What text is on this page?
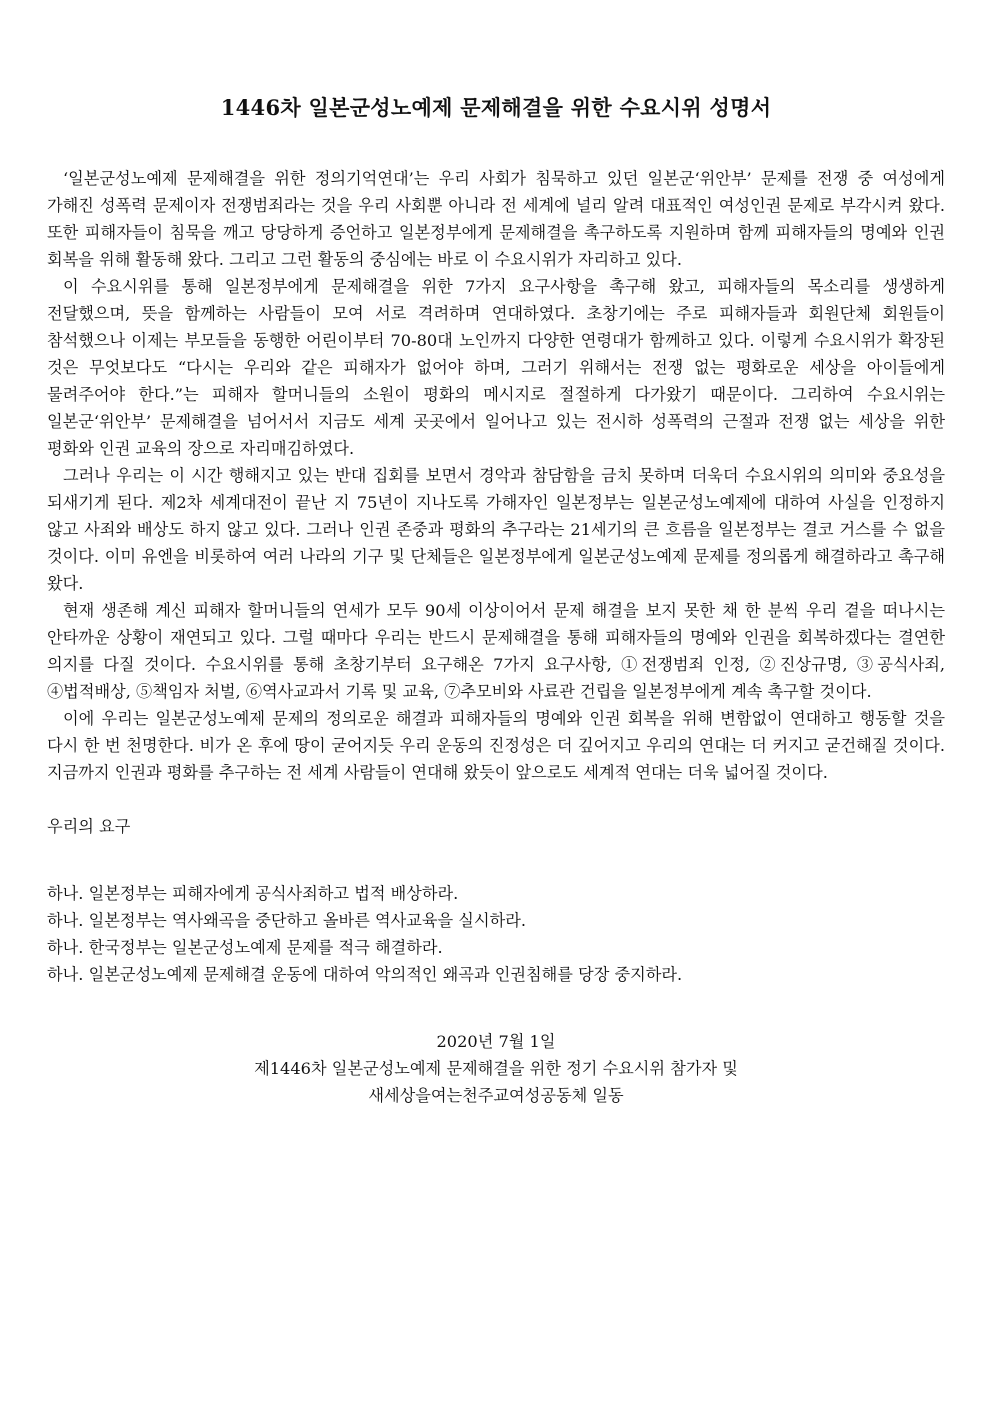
1446차 일본군성노예제 문제해결을 위한 수요시위 성명서

‘일본군성노예제 문제해결을 위한 정의기억연대’는 우리 사회가 침묵하고 있던 일본군‘위안부’ 문제를 전쟁 중 여성에게 가해진 성폭력 문제이자 전쟁범죄라는 것을 우리 사회뿐 아니라 전 세계에 널리 알려 대표적인 여성인권 문제로 부각시켜 왔다. 또한 피해자들이 침묵을 깨고 당당하게 증언하고 일본정부에게 문제해결을 촉구하도록 지원하며 함께 피해자들의 명예와 인권 회복을 위해 활동해 왔다. 그리고 그런 활동의 중심에는 바로 이 수요시위가 자리하고 있다.

이 수요시위를 통해 일본정부에게 문제해결을 위한 7가지 요구사항을 촉구해 왔고, 피해자들의 목소리를 생생하게 전달했으며, 뜻을 함께하는 사람들이 모여 서로 격려하며 연대하였다. 초창기에는 주로 피해자들과 회원단체 회원들이 참석했으나 이제는 부모들을 동행한 어린이부터 70-80대 노인까지 다양한 연령대가 함께하고 있다. 이렇게 수요시위가 확장된 것은 무엇보다도 “다시는 우리와 같은 피해자가 없어야 하며, 그러기 위해서는 전쟁 없는 평화로운 세상을 아이들에게 물려주어야 한다.”는 피해자 할머니들의 소원이 평화의 메시지로 절절하게 다가왔기 때문이다. 그리하여 수요시위는 일본군‘위안부’ 문제해결을 넘어서서 지금도 세계 곳곳에서 일어나고 있는 전시하 성폭력의 근절과 전쟁 없는 세상을 위한 평화와 인권 교육의 장으로 자리매김하였다.

그러나 우리는 이 시간 행해지고 있는 반대 집회를 보면서 경악과 참담함을 금치 못하며 더욱더 수요시위의 의미와 중요성을 되새기게 된다. 제2차 세계대전이 끝난 지 75년이 지나도록 가해자인 일본정부는 일본군성노예제에 대하여 사실을 인정하지 않고 사죄와 배상도 하지 않고 있다. 그러나 인권 존중과 평화의 추구라는 21세기의 큰 흐름을 일본정부는 결코 거스를 수 없을 것이다. 이미 유엔을 비롯하여 여러 나라의 기구 및 단체들은 일본정부에게 일본군성노예제 문제를 정의롭게 해결하라고 촉구해 왔다.

현재 생존해 계신 피해자 할머니들의 연세가 모두 90세 이상이어서 문제 해결을 보지 못한 채 한 분씩 우리 곁을 떠나시는 안타까운 상황이 재연되고 있다. 그럴 때마다 우리는 반드시 문제해결을 통해 피해자들의 명예와 인권을 회복하겠다는 결연한 의지를 다질 것이다. 수요시위를 통해 초창기부터 요구해온 7가지 요구사항, ①전쟁범죄 인정, ②진상규명, ③공식사죄, ④법적배상, ⑤책임자 처벌, ⑥역사교과서 기록 및 교육, ⑦추모비와 사료관 건립을 일본정부에게 계속 촉구할 것이다.

이에 우리는 일본군성노예제 문제의 정의로운 해결과 피해자들의 명예와 인권 회복을 위해 변함없이 연대하고 행동할 것을 다시 한 번 천명한다. 비가 온 후에 땅이 굳어지듯 우리 운동의 진정성은 더 깊어지고 우리의 연대는 더 커지고 굳건해질 것이다. 지금까지 인권과 평화를 추구하는 전 세계 사람들이 연대해 왔듯이 앞으로도 세계적 연대는 더욱 넓어질 것이다.

우리의 요구
하나. 일본정부는 피해자에게 공식사죄하고 법적 배상하라.
하나. 일본정부는 역사왜곡을 중단하고 올바른 역사교육을 실시하라.
하나. 한국정부는 일본군성노예제 문제를 적극 해결하라.
하나. 일본군성노예제 문제해결 운동에 대하여 악의적인 왜곡과 인권침해를 당장 중지하라.
2020년 7월 1일
제1446차 일본군성노예제 문제해결을 위한 정기 수요시위 참가자 및
새세상을여는천주교여성공동체 일동
